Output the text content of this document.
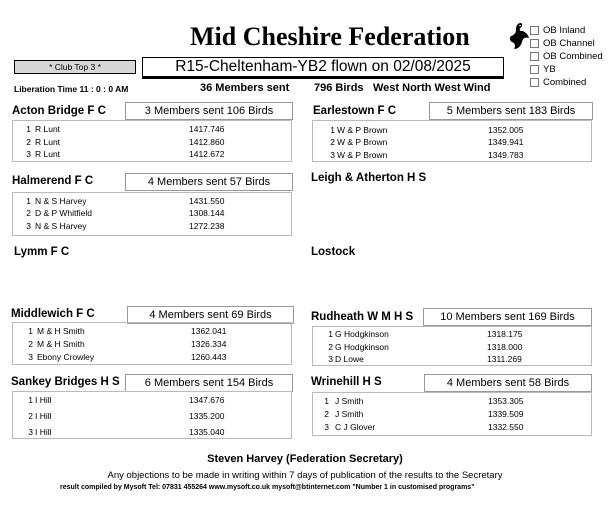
Mid Cheshire Federation	OB Inland
OB Channel
OB Combined
YB
Combined
* Club Top 3 *	R15-Cheltenham-YB2 flown on 02/08/2025
Liberation Time 11 : 0 : 0 AM	36 Members sent 796 Birds West North West Wind
Acton Bridge F C	3 Members sent 106 Birds
1 R Lunt	1417.746
2 R Lunt	1412.860
3 R Lunt	1412.672
Earlestown F C	5 Members sent 183 Birds
1 W & P Brown	1352.005
2 W & P Brown	1349.941
3 W & P Brown	1349.783
Halmerend F C	4 Members sent 57 Birds
1 N & S Harvey	1431.550
2 D & P Whitfield	1308.144
3 N & S Harvey	1272.238
Leigh & Atherton H S
Lymm F C	Lostock
Middlewich F C	4 Members sent 69 Birds
1 M & H Smith	1362.041
2 M & H Smith	1326.334
3 Ebony Crowley	1260.443
Rudheath W M H S	10 Members sent 169 Birds
1 G Hodgkinson	1318.175
2 G Hodgkinson	1318.000
3 D Lowe	1311.269
Sankey Bridges H S	6 Members sent 154 Birds
1 I Hill	1347.676
2 I Hill	1335.200
3 I Hill	1335.040
Wrinehill H S	4 Members sent 58 Birds
1 J Smith	1353.305
2 J Smith	1339.509
3 C J Glover	1332.550
Steven Harvey (Federation Secretary)
Any objections to be made in writing within 7 days of publication of the results to the Secretary
result compiled by Mysoft Tel: 07831 455264 www.mysoft.co.uk mysoft@btinternet.com "Number 1 in customised programs"
